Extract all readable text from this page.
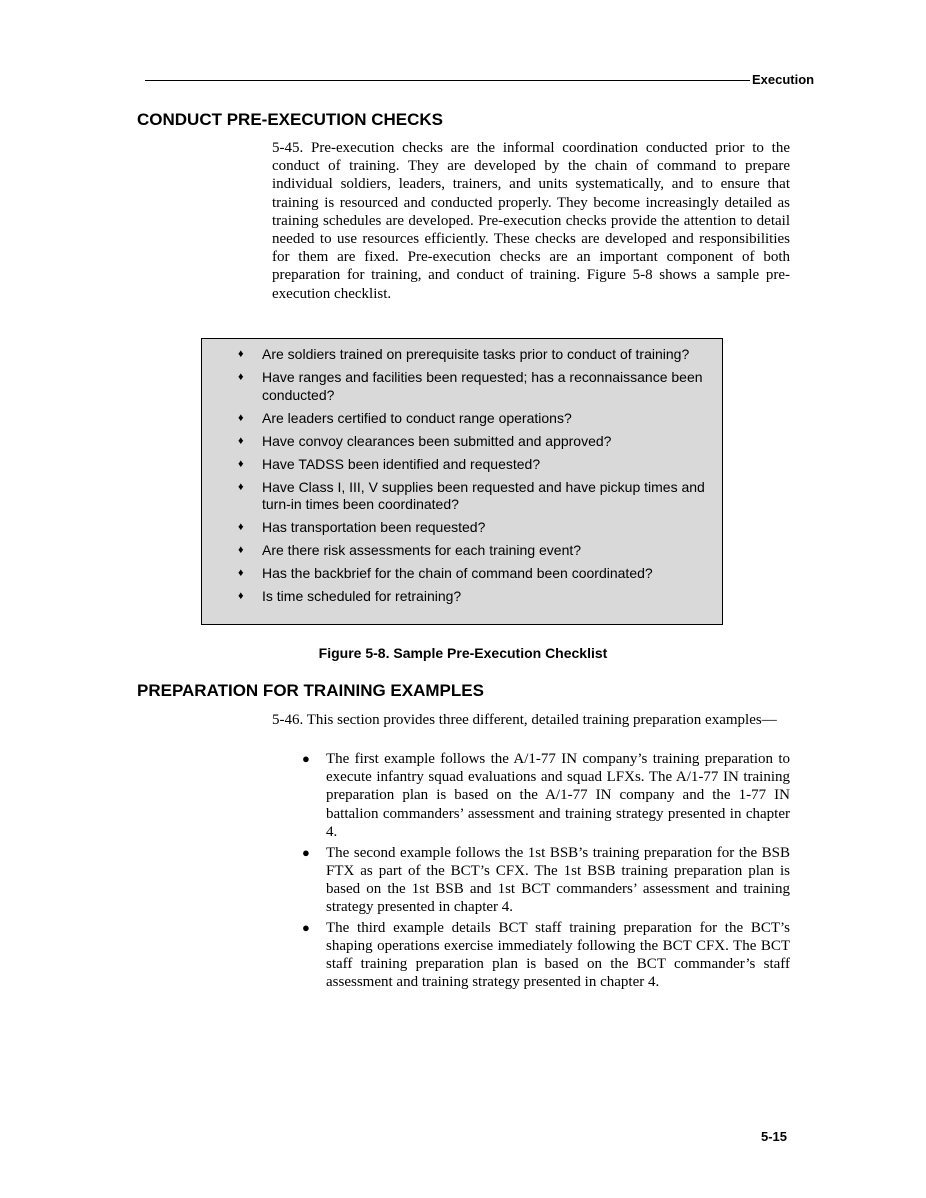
Execution
CONDUCT PRE-EXECUTION CHECKS

5-45. Pre-execution checks are the informal coordination conducted prior to the conduct of training. They are developed by the chain of command to prepare individual soldiers, leaders, trainers, and units systematically, and to ensure that training is resourced and conducted properly. They become increasingly detailed as training schedules are developed. Pre-execution checks provide the attention to detail needed to use resources efficiently. These checks are developed and responsibilities for them are fixed. Pre-execution checks are an important component of both preparation for training, and conduct of training. Figure 5-8 shows a sample pre-execution checklist.

♦ Are soldiers trained on prerequisite tasks prior to conduct of training?
♦ Have ranges and facilities been requested; has a reconnaissance been conducted?
♦ Are leaders certified to conduct range operations?
♦ Have convoy clearances been submitted and approved?
♦ Have TADSS been identified and requested?
♦ Have Class I, III, V supplies been requested and have pickup times and turn-in times been coordinated?
♦ Has transportation been requested?
♦ Are there risk assessments for each training event?
♦ Has the backbrief for the chain of command been coordinated?
♦ Is time scheduled for retraining?

Figure 5-8. Sample Pre-Execution Checklist

PREPARATION FOR TRAINING EXAMPLES

5-46. This section provides three different, detailed training preparation examples—

● The first example follows the A/1-77 IN company’s training preparation to execute infantry squad evaluations and squad LFXs. The A/1-77 IN training preparation plan is based on the A/1-77 IN company and the 1-77 IN battalion commanders’ assessment and training strategy presented in chapter 4.
● The second example follows the 1st BSB’s training preparation for the BSB FTX as part of the BCT’s CFX. The 1st BSB training preparation plan is based on the 1st BSB and 1st BCT commanders’ assessment and training strategy presented in chapter 4.
● The third example details BCT staff training preparation for the BCT’s shaping operations exercise immediately following the BCT CFX. The BCT staff training preparation plan is based on the BCT commander’s staff assessment and training strategy presented in chapter 4.
5-15
